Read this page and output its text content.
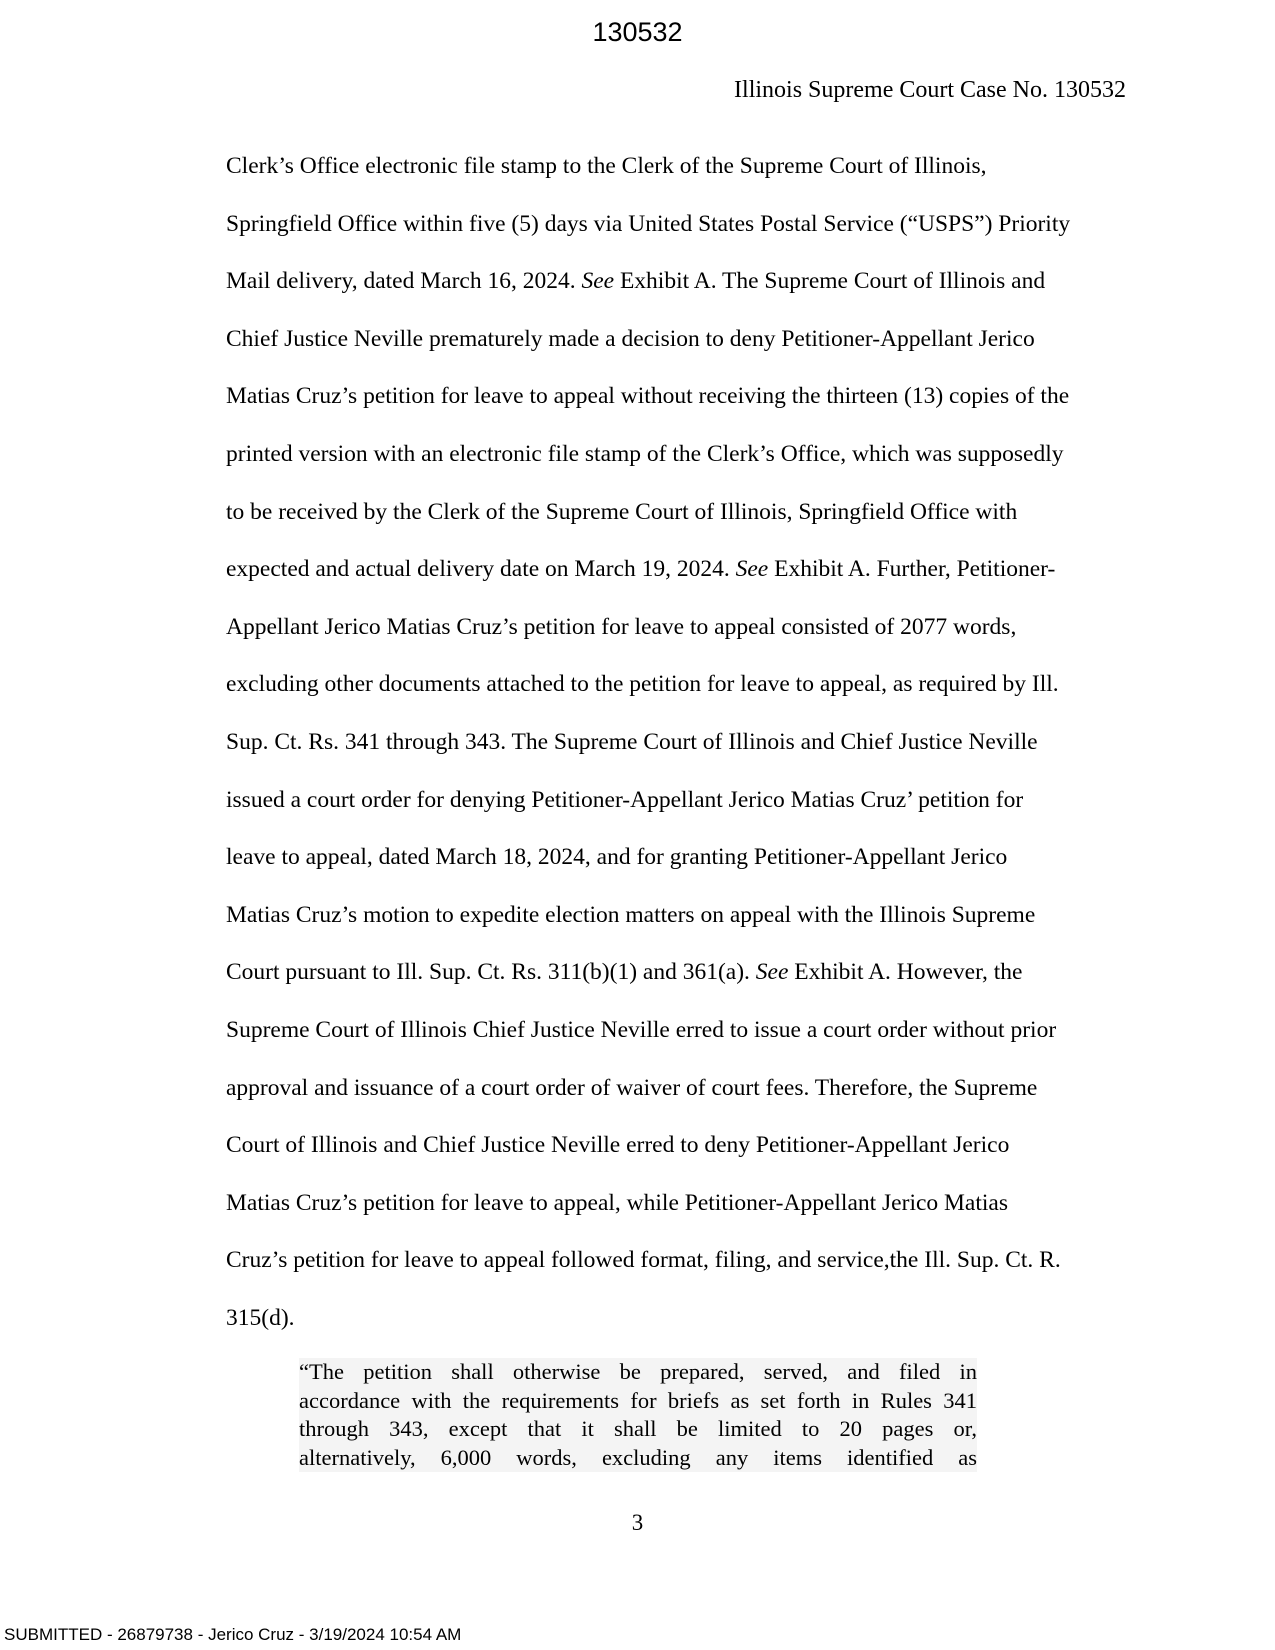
130532
Illinois Supreme Court Case No. 130532
Clerk’s Office electronic file stamp to the Clerk of the Supreme Court of Illinois,
Springfield Office within five (5) days via United States Postal Service (“USPS”) Priority
Mail delivery, dated March 16, 2024. See Exhibit A. The Supreme Court of Illinois and
Chief Justice Neville prematurely made a decision to deny Petitioner-Appellant Jerico
Matias Cruz’s petition for leave to appeal without receiving the thirteen (13) copies of the
printed version with an electronic file stamp of the Clerk’s Office, which was supposedly
to be received by the Clerk of the Supreme Court of Illinois, Springfield Office with
expected and actual delivery date on March 19, 2024. See Exhibit A. Further, Petitioner-
Appellant Jerico Matias Cruz’s petition for leave to appeal consisted of 2077 words,
excluding other documents attached to the petition for leave to appeal, as required by Ill.
Sup. Ct. Rs. 341 through 343. The Supreme Court of Illinois and Chief Justice Neville
issued a court order for denying Petitioner-Appellant Jerico Matias Cruz’ petition for
leave to appeal, dated March 18, 2024, and for granting Petitioner-Appellant Jerico
Matias Cruz’s motion to expedite election matters on appeal with the Illinois Supreme
Court pursuant to Ill. Sup. Ct. Rs. 311(b)(1) and 361(a). See Exhibit A. However, the
Supreme Court of Illinois Chief Justice Neville erred to issue a court order without prior
approval and issuance of a court order of waiver of court fees. Therefore, the Supreme
Court of Illinois and Chief Justice Neville erred to deny Petitioner-Appellant Jerico
Matias Cruz’s petition for leave to appeal, while Petitioner-Appellant Jerico Matias
Cruz’s petition for leave to appeal followed format, filing, and service,the Ill. Sup. Ct. R.
315(d).
“The petition shall otherwise be prepared, served, and filed in
accordance with the requirements for briefs as set forth in Rules 341
through 343, except that it shall be limited to 20 pages or,
alternatively, 6,000 words, excluding any items identified as
3
SUBMITTED - 26879738 - Jerico Cruz - 3/19/2024 10:54 AM
